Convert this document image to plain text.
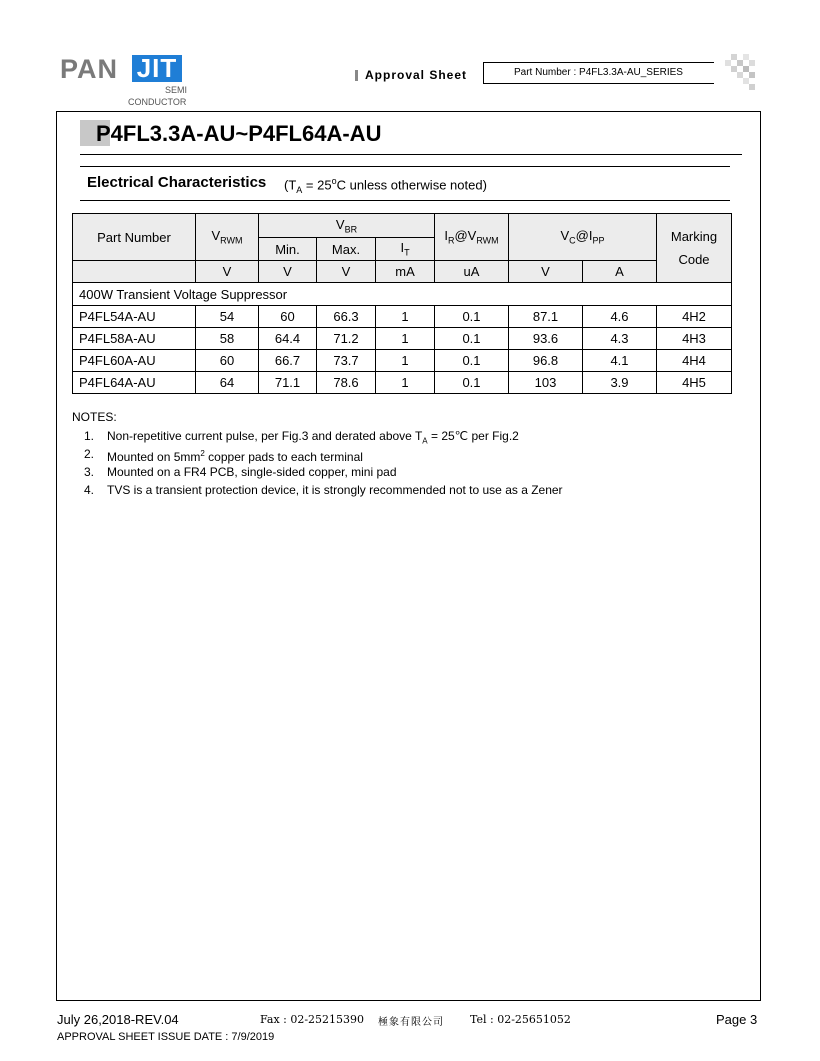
PAN JIT
SEMI
CONDUCTOR
Approval Sheet	Part Number : P4FL3.3A-AU_SERIES
P4FL3.3A-AU~P4FL64A-AU
Electrical Characteristics ($T_A = 25^oC$ unless otherwise noted)
Part Number	$V_{RWM}$	$V_{BR}$			$I_R@V_{RWM}$	$V_C@I_{PP}$		Marking
Code

		Min.	Max.	$I_T$
	V	V	V	mA	uA	V	A	
400W Transient Voltage Suppressor								
P4FL54A-AU	54	60	66.3	1	0.1	87.1	4.6	4H2
P4FL58A-AU	58	64.4	71.2	1	0.1	93.6	4.3	4H3
P4FL60A-AU	60	66.7	73.7	1	0.1	96.8	4.1	4H4
P4FL64A-AU	64	71.1	78.6	1	0.1	103	3.9	4H5
NOTES:
1. Non-repetitive current pulse, per Fig.3 and derated above $T_A$ = 25℃ per Fig.2
2. Mounted on $5mm^2$ copper pads to each terminal
3. Mounted on a FR4 PCB, single-sided copper, mini pad
4. TVS is a transient protection device, it is strongly recommended not to use as a Zener
July 26,2018-REV.04	Fax : 02-25215390 極象有限公司 Tel : 02-25651052	Page 3
APPROVAL SHEET ISSUE DATE : 7/9/2019
